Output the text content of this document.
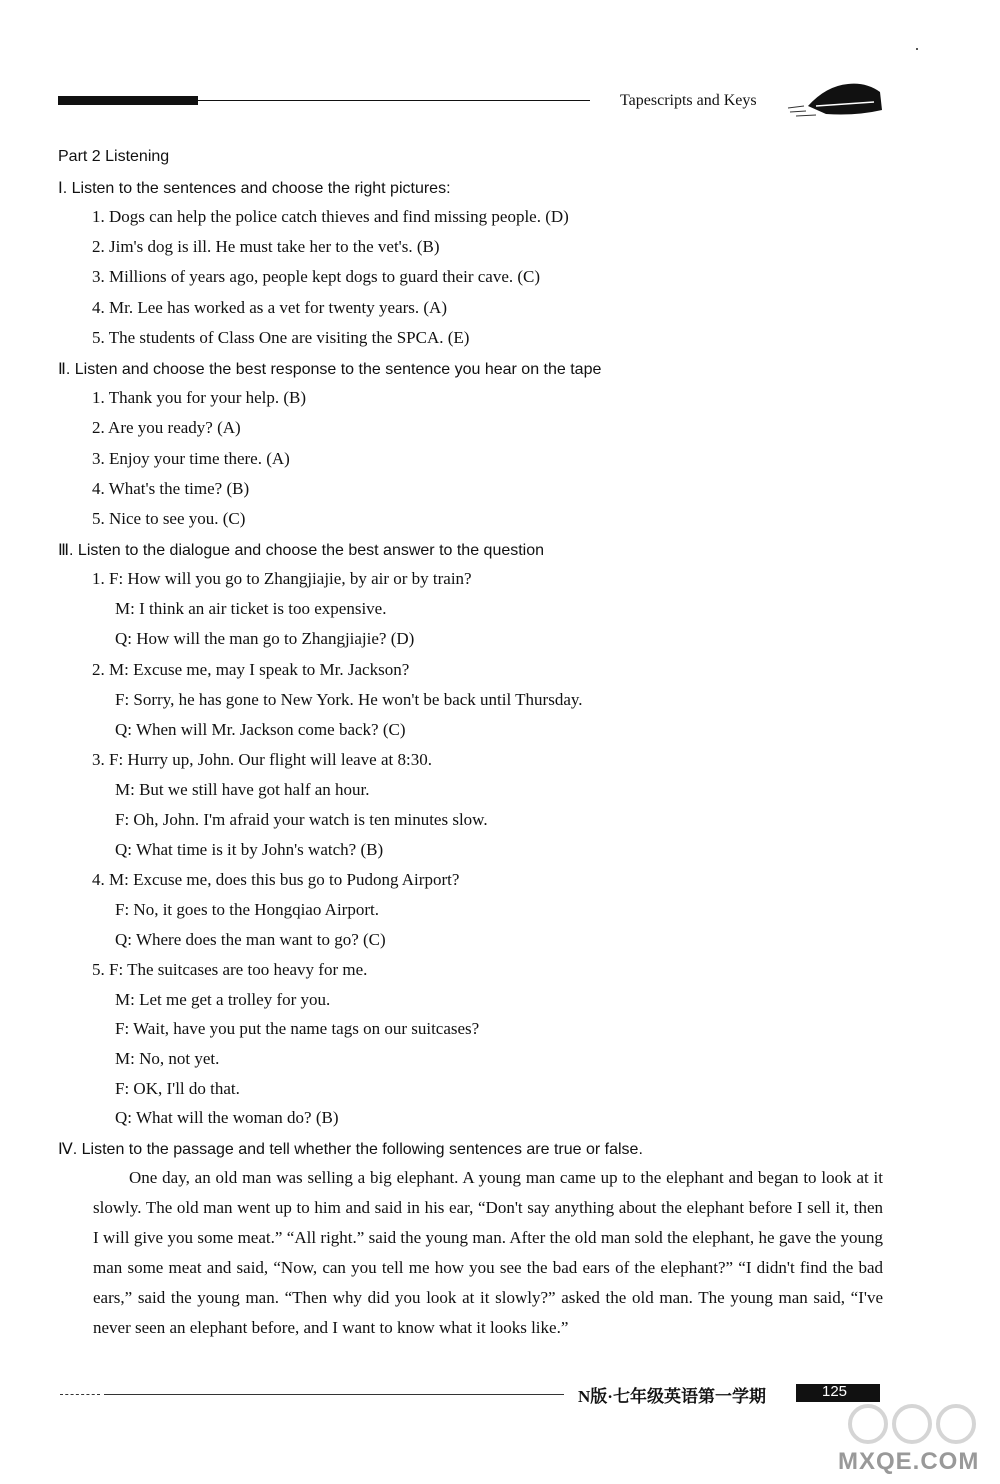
Tapescripts and Keys
Part 2 Listening
Ⅰ. Listen to the sentences and choose the right pictures:
1. Dogs can help the police catch thieves and find missing people. (D)
2. Jim's dog is ill. He must take her to the vet's. (B)
3. Millions of years ago, people kept dogs to guard their cave. (C)
4. Mr. Lee has worked as a vet for twenty years. (A)
5. The students of Class One are visiting the SPCA. (E)
Ⅱ. Listen and choose the best response to the sentence you hear on the tape
1. Thank you for your help. (B)
2. Are you ready? (A)
3. Enjoy your time there. (A)
4. What's the time? (B)
5. Nice to see you. (C)
Ⅲ. Listen to the dialogue and choose the best answer to the question
1. F: How will you go to Zhangjiajie, by air or by train?
M: I think an air ticket is too expensive.
Q: How will the man go to Zhangjiajie? (D)
2. M: Excuse me, may I speak to Mr. Jackson?
F: Sorry, he has gone to New York. He won't be back until Thursday.
Q: When will Mr. Jackson come back? (C)
3. F: Hurry up, John. Our flight will leave at 8:30.
M: But we still have got half an hour.
F: Oh, John. I'm afraid your watch is ten minutes slow.
Q: What time is it by John's watch? (B)
4. M: Excuse me, does this bus go to Pudong Airport?
F: No, it goes to the Hongqiao Airport.
Q: Where does the man want to go? (C)
5. F: The suitcases are too heavy for me.
M: Let me get a trolley for you.
F: Wait, have you put the name tags on our suitcases?
M: No, not yet.
F: OK, I'll do that.
Q: What will the woman do? (B)
Ⅳ. Listen to the passage and tell whether the following sentences are true or false.
One day, an old man was selling a big elephant. A young man came up to the elephant and began to look at it slowly. The old man went up to him and said in his ear, “Don't say anything about the elephant before I sell it, then I will give you some meat.” “All right.” said the young man. After the old man sold the elephant, he gave the young man some meat and said, “Now, can you tell me how you see the bad ears of the elephant?” “I didn't find the bad ears,” said the young man. “Then why did you look at it slowly?” asked the old man. The young man said, “I've never seen an elephant before, and I want to know what it looks like.”
N版·七年级英语第一学期	125
MXQE.COM
